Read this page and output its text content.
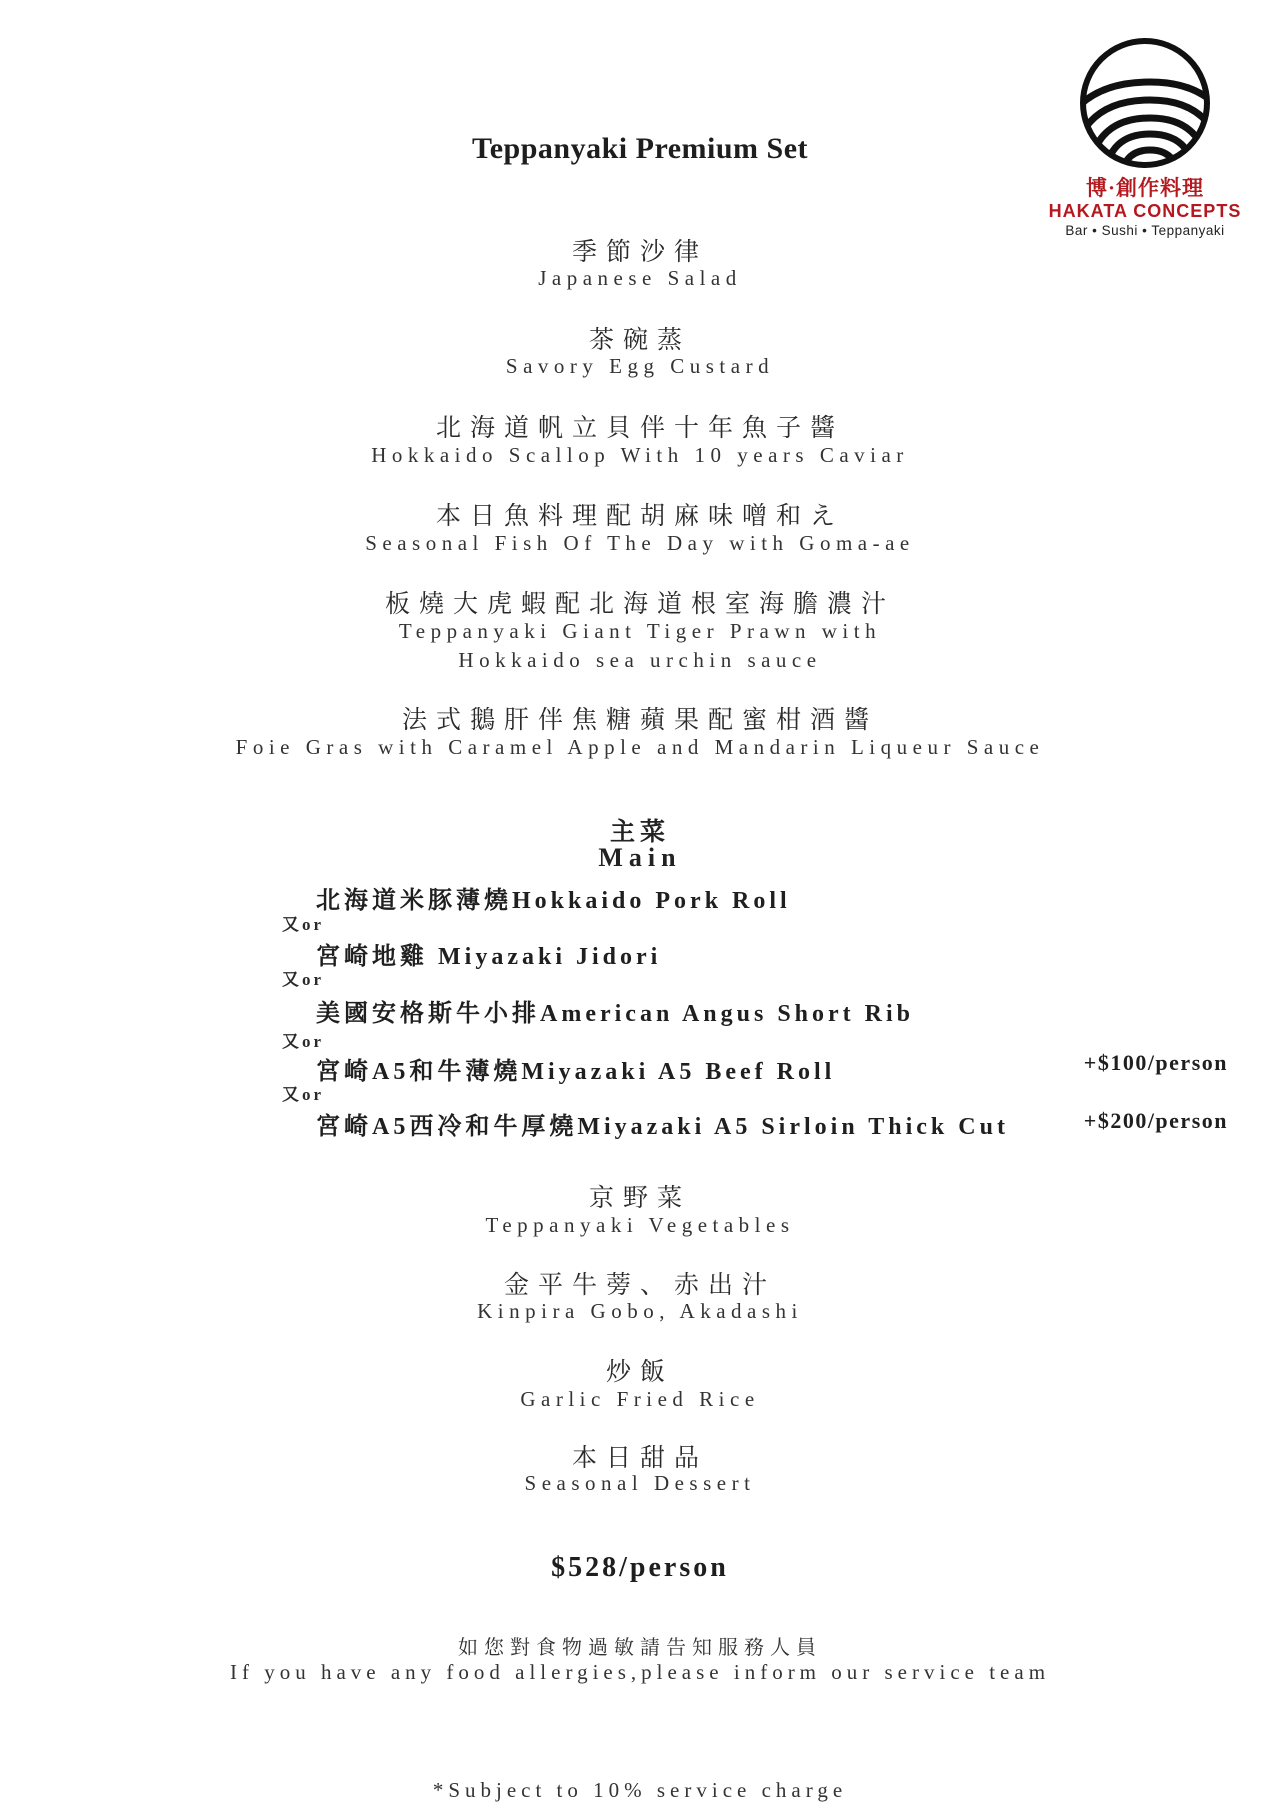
博·創作料理
HAKATA CONCEPTS
Bar • Sushi • Teppanyaki
Teppanyaki Premium Set
季節沙律
Japanese Salad
茶碗蒸
Savory Egg Custard
北海道帆立貝伴十年魚子醬
Hokkaido Scallop With 10 years Caviar
本日魚料理配胡麻味噌和え
Seasonal Fish Of The Day with Goma-ae
板燒大虎蝦配北海道根室海膽濃汁
Teppanyaki Giant Tiger Prawn with
Hokkaido sea urchin sauce
法式鵝肝伴焦糖蘋果配蜜柑酒醬
Foie Gras with Caramel Apple and Mandarin Liqueur Sauce
主菜
Main
北海道米豚薄燒Hokkaido Pork Roll
又or
宮崎地雞 Miyazaki Jidori
又or
美國安格斯牛小排American Angus Short Rib
又or
宮崎A5和牛薄燒Miyazaki A5 Beef Roll	+$100/person
又or
宮崎A5西冷和牛厚燒Miyazaki A5 Sirloin Thick Cut	+$200/person
京野菜
Teppanyaki Vegetables
金平牛蒡、赤出汁
Kinpira Gobo, Akadashi
炒飯
Garlic Fried Rice
本日甜品
Seasonal Dessert
$528/person
如您對食物過敏請告知服務人員
If you have any food allergies,please inform our service team
*Subject to 10% service charge
